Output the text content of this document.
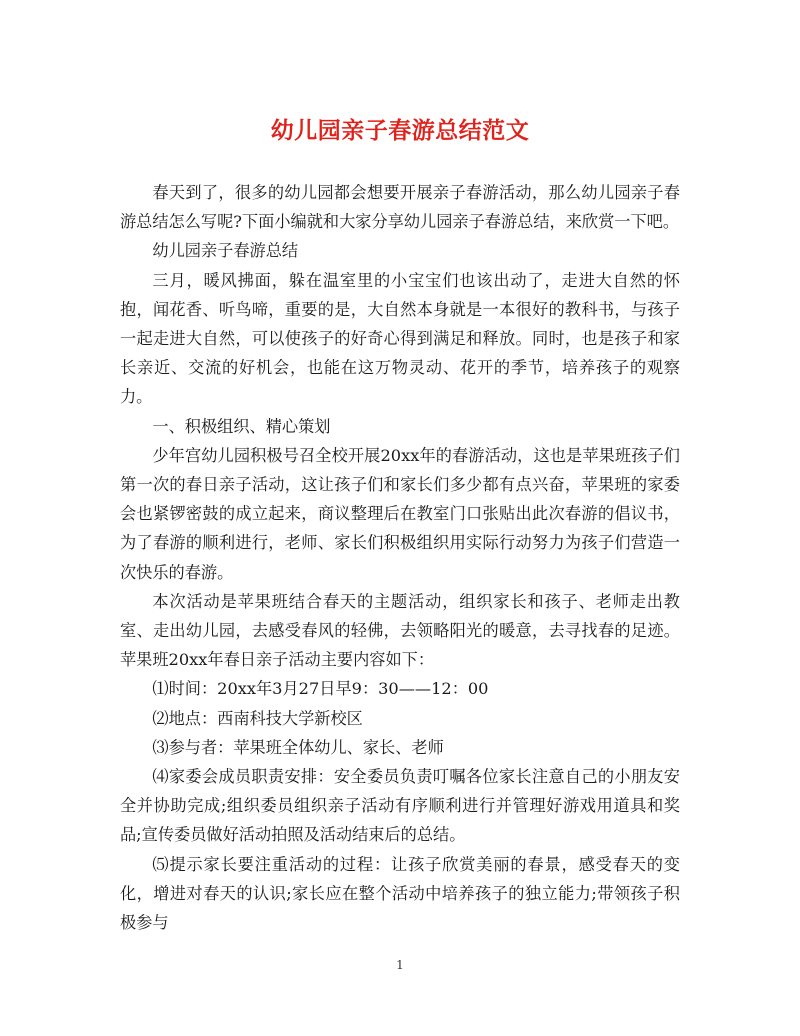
幼儿园亲子春游总结范文

春天到了，很多的幼儿园都会想要开展亲子春游活动，那么幼儿园亲子春游总结怎么写呢?下面小编就和大家分享幼儿园亲子春游总结，来欣赏一下吧。

幼儿园亲子春游总结

三月，暖风拂面，躲在温室里的小宝宝们也该出动了，走进大自然的怀抱，闻花香、听鸟啼，重要的是，大自然本身就是一本很好的教科书，与孩子一起走进大自然，可以使孩子的好奇心得到满足和释放。同时，也是孩子和家长亲近、交流的好机会，也能在这万物灵动、花开的季节，培养孩子的观察力。

一、积极组织、精心策划

少年宫幼儿园积极号召全校开展20xx年的春游活动，这也是苹果班孩子们第一次的春日亲子活动，这让孩子们和家长们多少都有点兴奋，苹果班的家委会也紧锣密鼓的成立起来，商议整理后在教室门口张贴出此次春游的倡议书，为了春游的顺利进行，老师、家长们积极组织用实际行动努力为孩子们营造一次快乐的春游。

本次活动是苹果班结合春天的主题活动，组织家长和孩子、老师走出教室、走出幼儿园，去感受春风的轻佛，去领略阳光的暖意，去寻找春的足迹。苹果班20xx年春日亲子活动主要内容如下：

⑴时间：20xx年3月27日早9：30——12：00

⑵地点：西南科技大学新校区

⑶参与者：苹果班全体幼儿、家长、老师

⑷家委会成员职责安排：安全委员负责叮嘱各位家长注意自己的小朋友安全并协助完成;组织委员组织亲子活动有序顺利进行并管理好游戏用道具和奖品;宣传委员做好活动拍照及活动结束后的总结。

⑸提示家长要注重活动的过程：让孩子欣赏美丽的春景，感受春天的变化，增进对春天的认识;家长应在整个活动中培养孩子的独立能力;带领孩子积极参与

1
